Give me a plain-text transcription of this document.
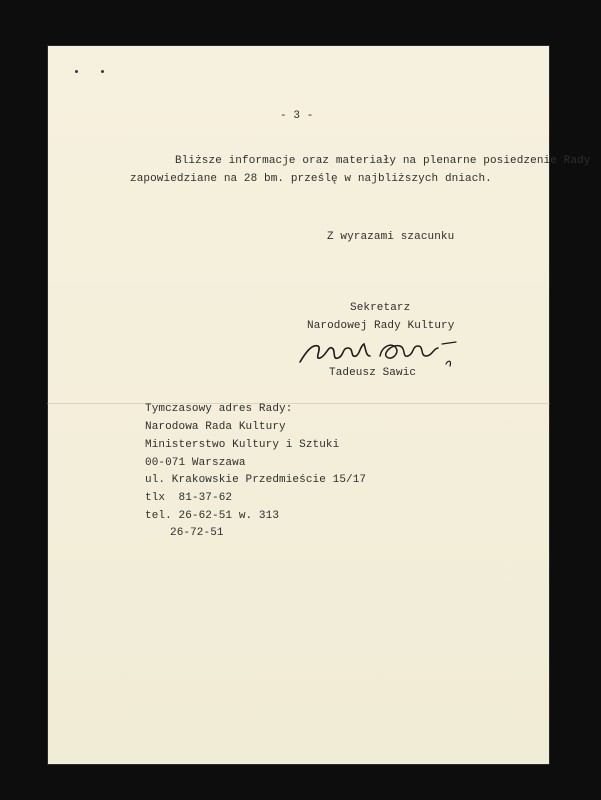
- 3 -
Bliższe informacje oraz materiały na plenarne posiedzenie Rady
zapowiedziane na 28 bm. prześlę w najbliższych dniach.
Z wyrazami szacunku
Sekretarz
Narodowej Rady Kultury
Tadeusz Sawic
Tymczasowy adres Rady:
Narodowa Rada Kultury
Ministerstwo Kultury i Sztuki
00-071 Warszawa
ul. Krakowskie Przedmieście 15/17
tlx  81-37-62
tel. 26-62-51 w. 313
26-72-51
